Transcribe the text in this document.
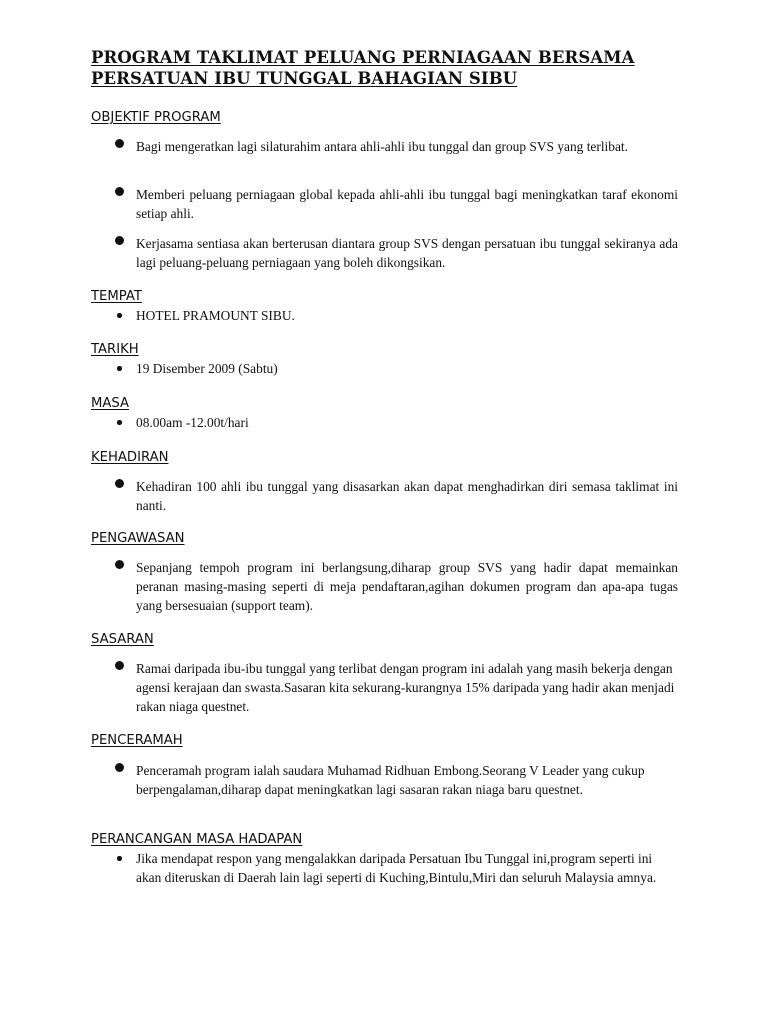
PROGRAM TAKLIMAT PELUANG PERNIAGAAN BERSAMA PERSATUAN IBU TUNGGAL BAHAGIAN SIBU
OBJEKTIF PROGRAM
Bagi mengeratkan lagi silaturahim antara ahli-ahli ibu tunggal dan group SVS yang terlibat.
Memberi peluang perniagaan global kepada ahli-ahli ibu tunggal bagi meningkatkan taraf ekonomi setiap ahli.
Kerjasama sentiasa akan berterusan diantara group SVS dengan persatuan ibu tunggal sekiranya ada lagi peluang-peluang perniagaan yang boleh dikongsikan.
TEMPAT
HOTEL PRAMOUNT SIBU.
TARIKH
19 Disember 2009 (Sabtu)
MASA
08.00am -12.00t/hari
KEHADIRAN
Kehadiran 100 ahli ibu tunggal yang disasarkan akan dapat menghadirkan diri semasa taklimat ini nanti.
PENGAWASAN
Sepanjang tempoh program ini berlangsung,diharap group SVS yang hadir dapat memainkan peranan masing-masing seperti di meja pendaftaran,agihan dokumen program dan apa-apa tugas yang bersesuaian (support team).
SASARAN
Ramai daripada ibu-ibu tunggal yang terlibat dengan program ini adalah yang masih bekerja dengan agensi kerajaan dan swasta.Sasaran kita sekurang-kurangnya 15% daripada yang hadir akan menjadi rakan niaga questnet.
PENCERAMAH
Penceramah program ialah saudara Muhamad Ridhuan Embong.Seorang V Leader yang cukup berpengalaman,diharap dapat meningkatkan lagi sasaran rakan niaga baru questnet.
PERANCANGAN MASA HADAPAN
Jika mendapat respon yang mengalakkan daripada Persatuan Ibu Tunggal ini,program seperti ini akan diteruskan di Daerah lain lagi seperti di Kuching,Bintulu,Miri dan seluruh Malaysia amnya.
